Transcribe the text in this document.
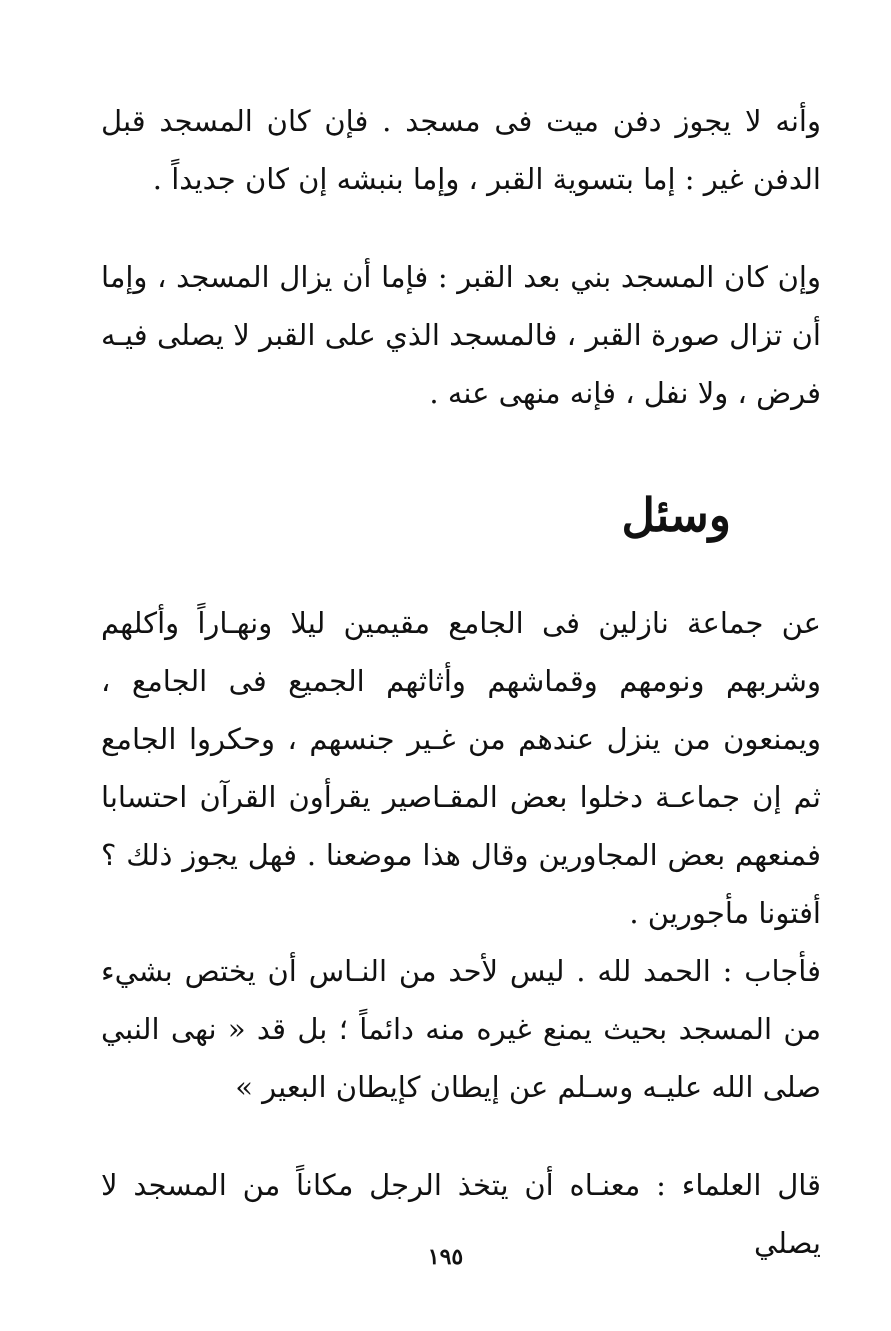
وأنه لا يجوز دفن ميت فى مسجد . فإن كان المسجد قبل الدفن غير : إما بتسوية القبر ، وإما بنبشه إن كان جديداً .

وإن كان المسجد بني بعد القبر : فإما أن يزال المسجد ، وإما أن تزال صورة القبر ، فالمسجد الذي على القبر لا يصلى فيـه فرض ، ولا نفل ، فإنه منهى عنه .

وسئل

عن جماعة نازلين فى الجامع مقيمين ليلا ونهـاراً وأكلهم وشربهم ونومهم وقماشهم وأثاثهم الجميع فى الجامع ، ويمنعون من ينزل عندهم من غـير جنسهم ، وحكروا الجامع ثم إن جماعـة دخلوا بعض المقـاصير يقرأون القرآن احتسابا فمنعهم بعض المجاورين وقال هذا موضعنا . فهل يجوز ذلك ؟ أفتونا مأجورين .

فأجاب : الحمد لله . ليس لأحد من النـاس أن يختص بشيء من المسجد بحيث يمنع غيره منه دائماً ؛ بل قد « نهى النبي صلى الله عليـه وسـلم عن إيطان كإيطان البعير »

قال العلماء : معنـاه أن يتخذ الرجل مكاناً من المسجد لا يصلي

١٩٥
